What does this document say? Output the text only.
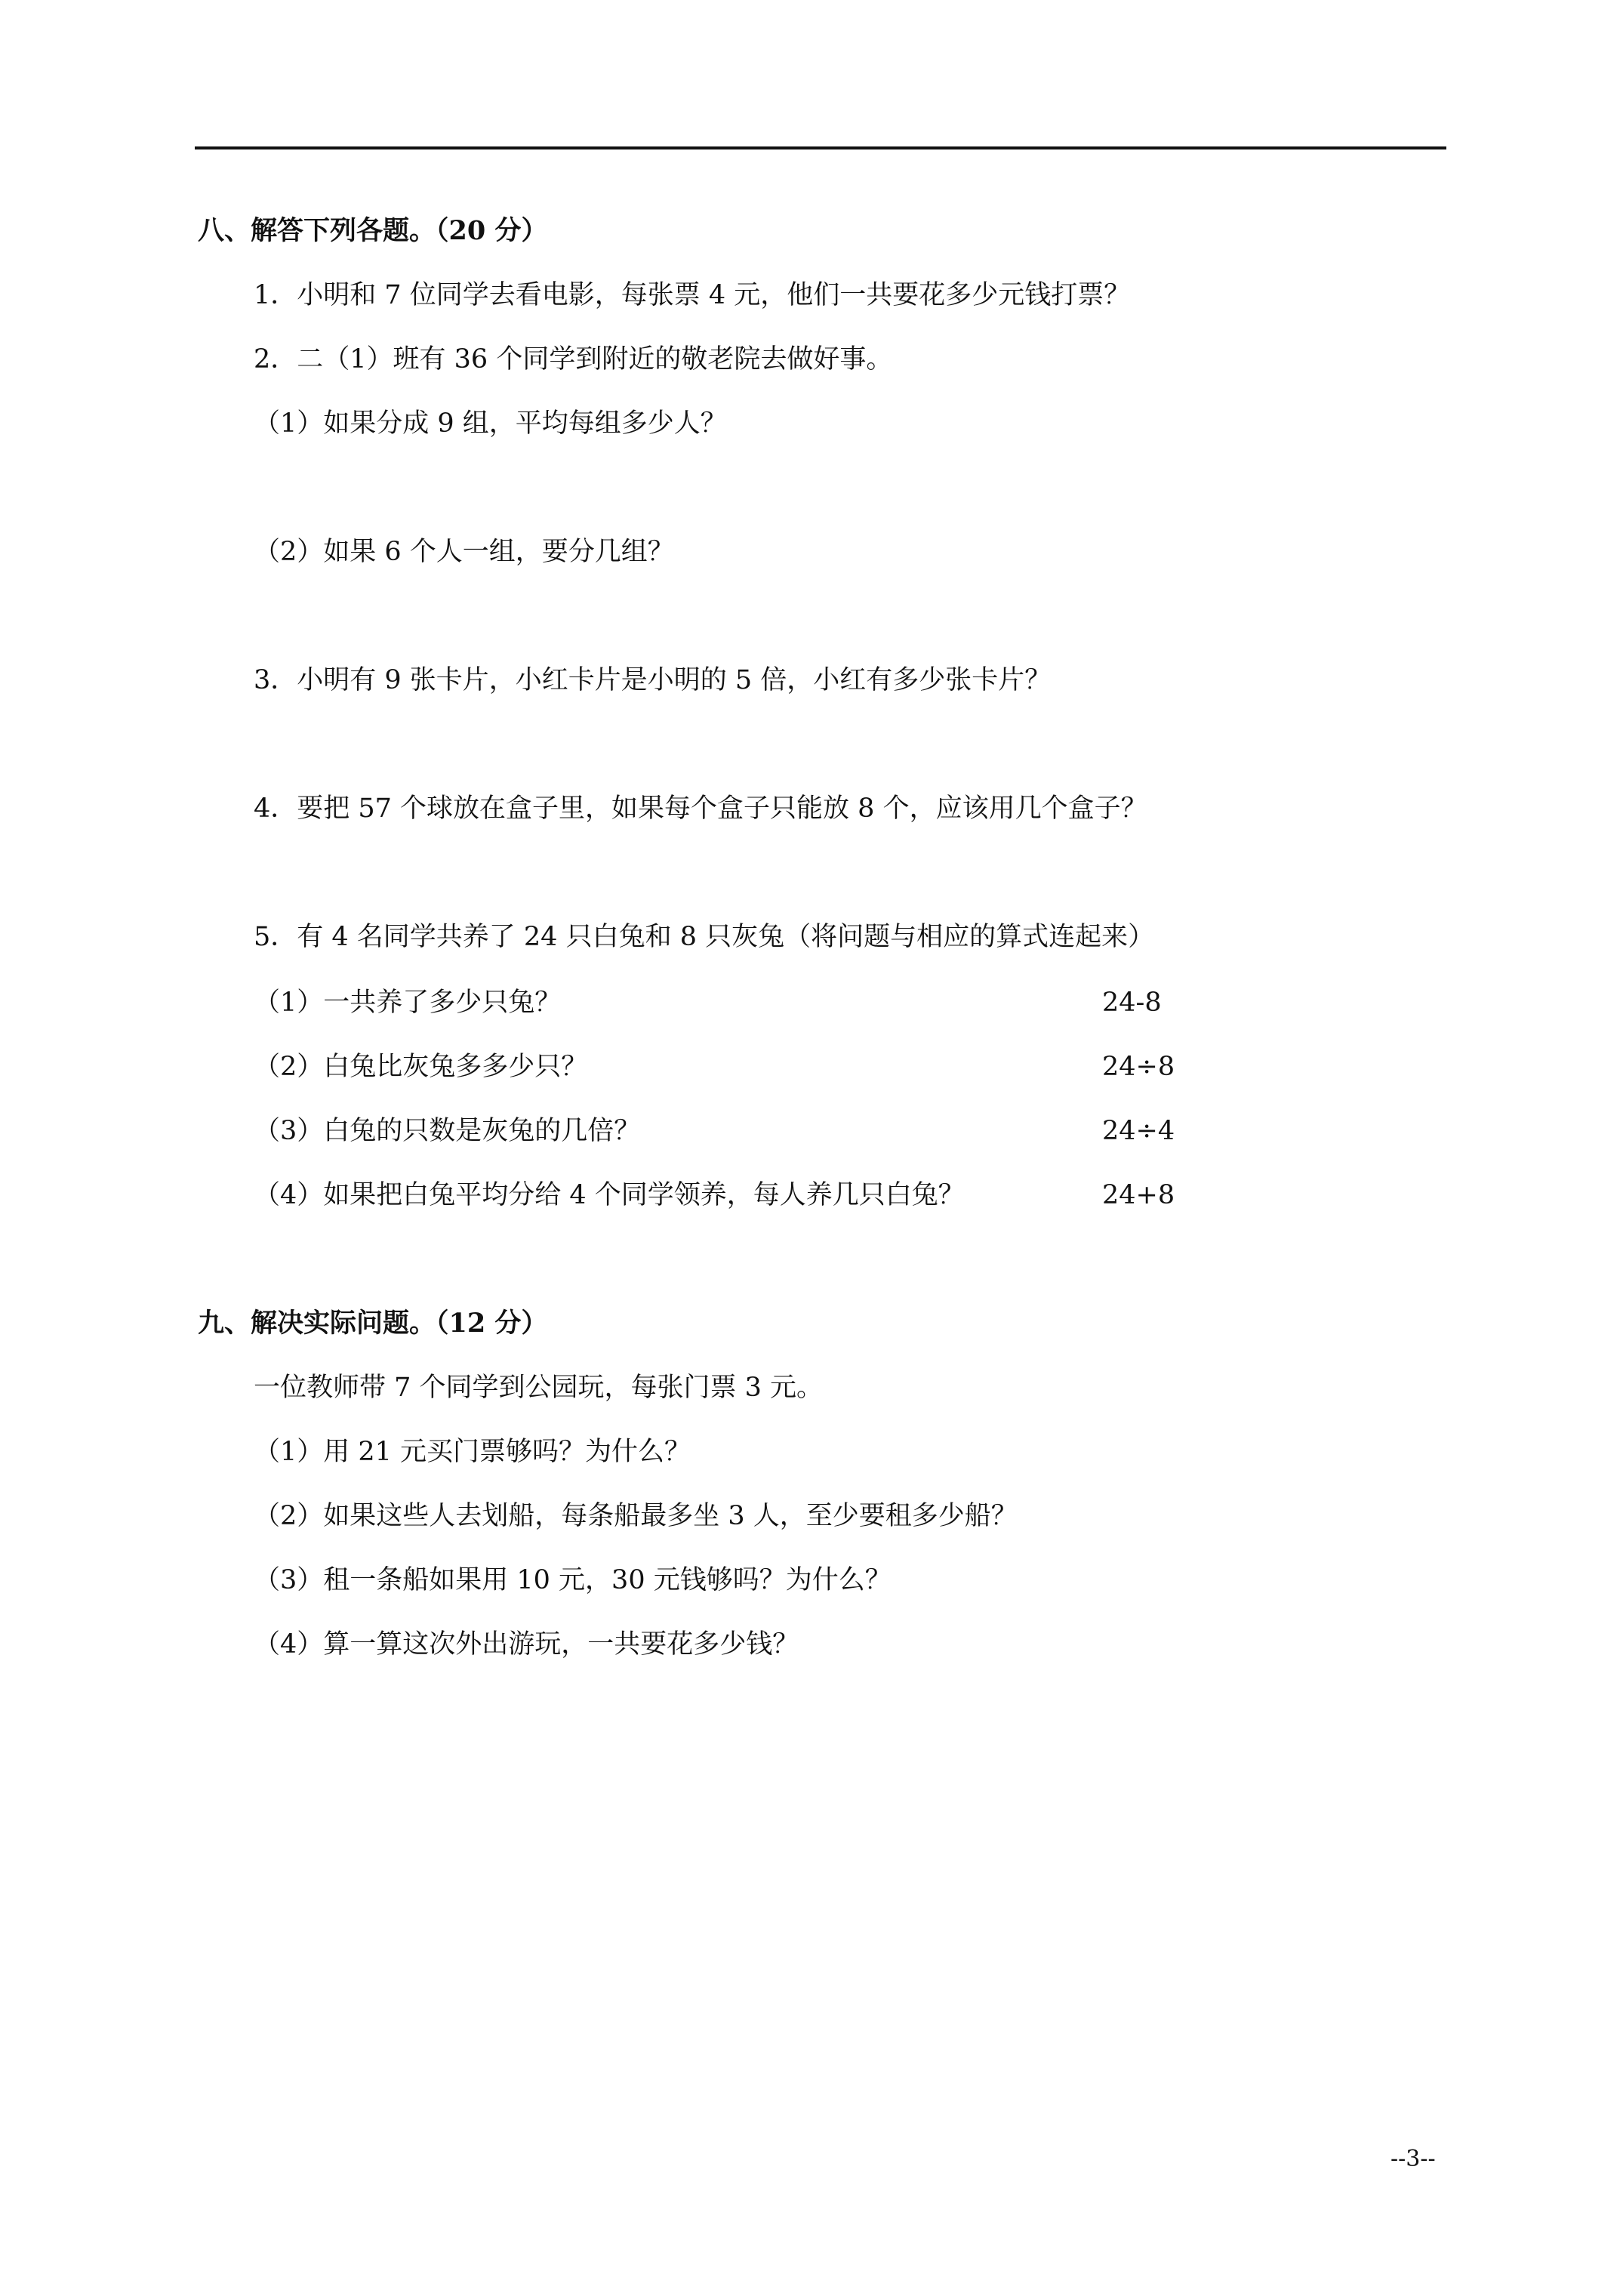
八、解答下列各题。（20 分）
1．小明和 7 位同学去看电影，每张票 4 元，他们一共要花多少元钱打票？
2．二（1）班有 36 个同学到附近的敬老院去做好事。
（1）如果分成 9 组，平均每组多少人？
（2）如果 6 个人一组，要分几组？
3．小明有 9 张卡片，小红卡片是小明的 5 倍，小红有多少张卡片？
4．要把 57 个球放在盒子里，如果每个盒子只能放 8 个，应该用几个盒子？
5．有 4 名同学共养了 24 只白兔和 8 只灰兔（将问题与相应的算式连起来）
（1）一共养了多少只兔？	24-8
（2）白兔比灰兔多多少只？	24÷8
（3）白兔的只数是灰兔的几倍？	24÷4
（4）如果把白兔平均分给 4 个同学领养，每人养几只白兔？	24+8
九、解决实际问题。（12 分）
一位教师带 7 个同学到公园玩，每张门票 3 元。
（1）用 21 元买门票够吗？为什么？
（2）如果这些人去划船，每条船最多坐 3 人，至少要租多少船？
（3）租一条船如果用 10 元，30 元钱够吗？为什么？
（4）算一算这次外出游玩，一共要花多少钱？
--3--
